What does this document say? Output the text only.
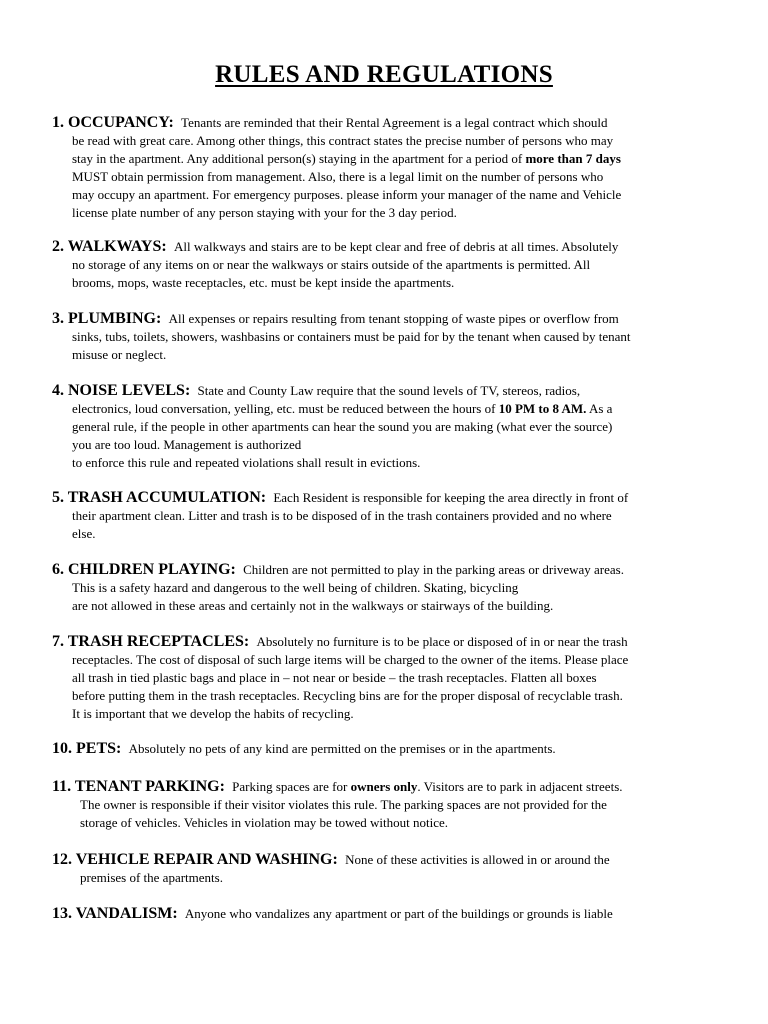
RULES AND REGULATIONS

1. OCCUPANCY: Tenants are reminded that their Rental Agreement is a legal contract which should

be read with great care. Among other things, this contract states the precise number of persons who may

stay in the apartment. Any additional person(s) staying in the apartment for a period of more than 7 days

MUST obtain permission from management. Also, there is a legal limit on the number of persons who

may occupy an apartment. For emergency purposes. please inform your manager of the name and Vehicle

license plate number of any person staying with your for the 3 day period.

2. WALKWAYS: All walkways and stairs are to be kept clear and free of debris at all times. Absolutely

no storage of any items on or near the walkways or stairs outside of the apartments is permitted. All

brooms, mops, waste receptacles, etc. must be kept inside the apartments.

3. PLUMBING: All expenses or repairs resulting from tenant stopping of waste pipes or overflow from

sinks, tubs, toilets, showers, washbasins or containers must be paid for by the tenant when caused by tenant

misuse or neglect.

4. NOISE LEVELS: State and County Law require that the sound levels of TV, stereos, radios,

electronics, loud conversation, yelling, etc. must be reduced between the hours of 10 PM to 8 AM. As a

general rule, if the people in other apartments can hear the sound you are making (what ever the source)

you are too loud. Management is authorized

to enforce this rule and repeated violations shall result in evictions.

5. TRASH ACCUMULATION: Each Resident is responsible for keeping the area directly in front of

their apartment clean. Litter and trash is to be disposed of in the trash containers provided and no where

else.

6. CHILDREN PLAYING: Children are not permitted to play in the parking areas or driveway areas.

This is a safety hazard and dangerous to the well being of children. Skating, bicycling

are not allowed in these areas and certainly not in the walkways or stairways of the building.

7. TRASH RECEPTACLES: Absolutely no furniture is to be place or disposed of in or near the trash

receptacles. The cost of disposal of such large items will be charged to the owner of the items. Please place

all trash in tied plastic bags and place in – not near or beside – the trash receptacles. Flatten all boxes

before putting them in the trash receptacles. Recycling bins are for the proper disposal of recyclable trash.

It is important that we develop the habits of recycling.

10. PETS: Absolutely no pets of any kind are permitted on the premises or in the apartments.

11. TENANT PARKING: Parking spaces are for owners only. Visitors are to park in adjacent streets.

The owner is responsible if their visitor violates this rule. The parking spaces are not provided for the

storage of vehicles. Vehicles in violation may be towed without notice.

12. VEHICLE REPAIR AND WASHING: None of these activities is allowed in or around the

premises of the apartments.

13. VANDALISM: Anyone who vandalizes any apartment or part of the buildings or grounds is liable
